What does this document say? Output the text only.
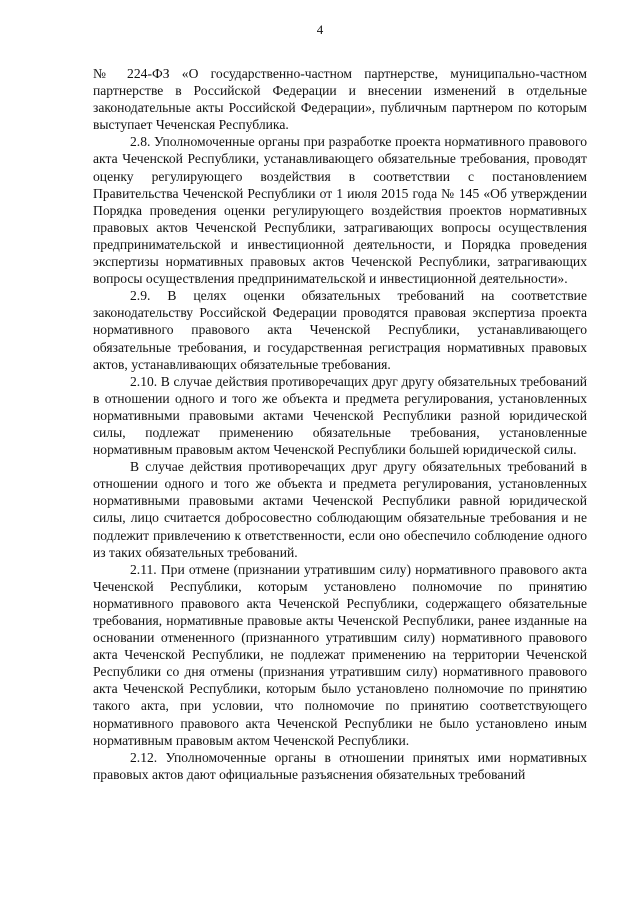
4

№ 224-ФЗ «О государственно-частном партнерстве, муниципально-частном партнерстве в Российской Федерации и внесении изменений в отдельные законодательные акты Российской Федерации», публичным партнером по которым выступает Чеченская Республика.

2.8. Уполномоченные органы при разработке проекта нормативного правового акта Чеченской Республики, устанавливающего обязательные требования, проводят оценку регулирующего воздействия в соответствии с постановлением Правительства Чеченской Республики от 1 июля 2015 года № 145 «Об утверждении Порядка проведения оценки регулирующего воздействия проектов нормативных правовых актов Чеченской Республики, затрагивающих вопросы осуществления предпринимательской и инвестиционной деятельности, и Порядка проведения экспертизы нормативных правовых актов Чеченской Республики, затрагивающих вопросы осуществления предпринимательской и инвестиционной деятельности».

2.9. В целях оценки обязательных требований на соответствие законодательству Российской Федерации проводятся правовая экспертиза проекта нормативного правового акта Чеченской Республики, устанавливающего обязательные требования, и государственная регистрация нормативных правовых актов, устанавливающих обязательные требования.

2.10. В случае действия противоречащих друг другу обязательных требований в отношении одного и того же объекта и предмета регулирования, установленных нормативными правовыми актами Чеченской Республики разной юридической силы, подлежат применению обязательные требования, установленные нормативным правовым актом Чеченской Республики большей юридической силы.

В случае действия противоречащих друг другу обязательных требований в отношении одного и того же объекта и предмета регулирования, установленных нормативными правовыми актами Чеченской Республики равной юридической силы, лицо считается добросовестно соблюдающим обязательные требования и не подлежит привлечению к ответственности, если оно обеспечило соблюдение одного из таких обязательных требований.

2.11. При отмене (признании утратившим силу) нормативного правового акта Чеченской Республики, которым установлено полномочие по принятию нормативного правового акта Чеченской Республики, содержащего обязательные требования, нормативные правовые акты Чеченской Республики, ранее изданные на основании отмененного (признанного утратившим силу) нормативного правового акта Чеченской Республики, не подлежат применению на территории Чеченской Республики со дня отмены (признания утратившим силу) нормативного правового акта Чеченской Республики, которым было установлено полномочие по принятию такого акта, при условии, что полномочие по принятию соответствующего нормативного правового акта Чеченской Республики не было установлено иным нормативным правовым актом Чеченской Республики.

2.12. Уполномоченные органы в отношении принятых ими нормативных правовых актов дают официальные разъяснения обязательных требований
